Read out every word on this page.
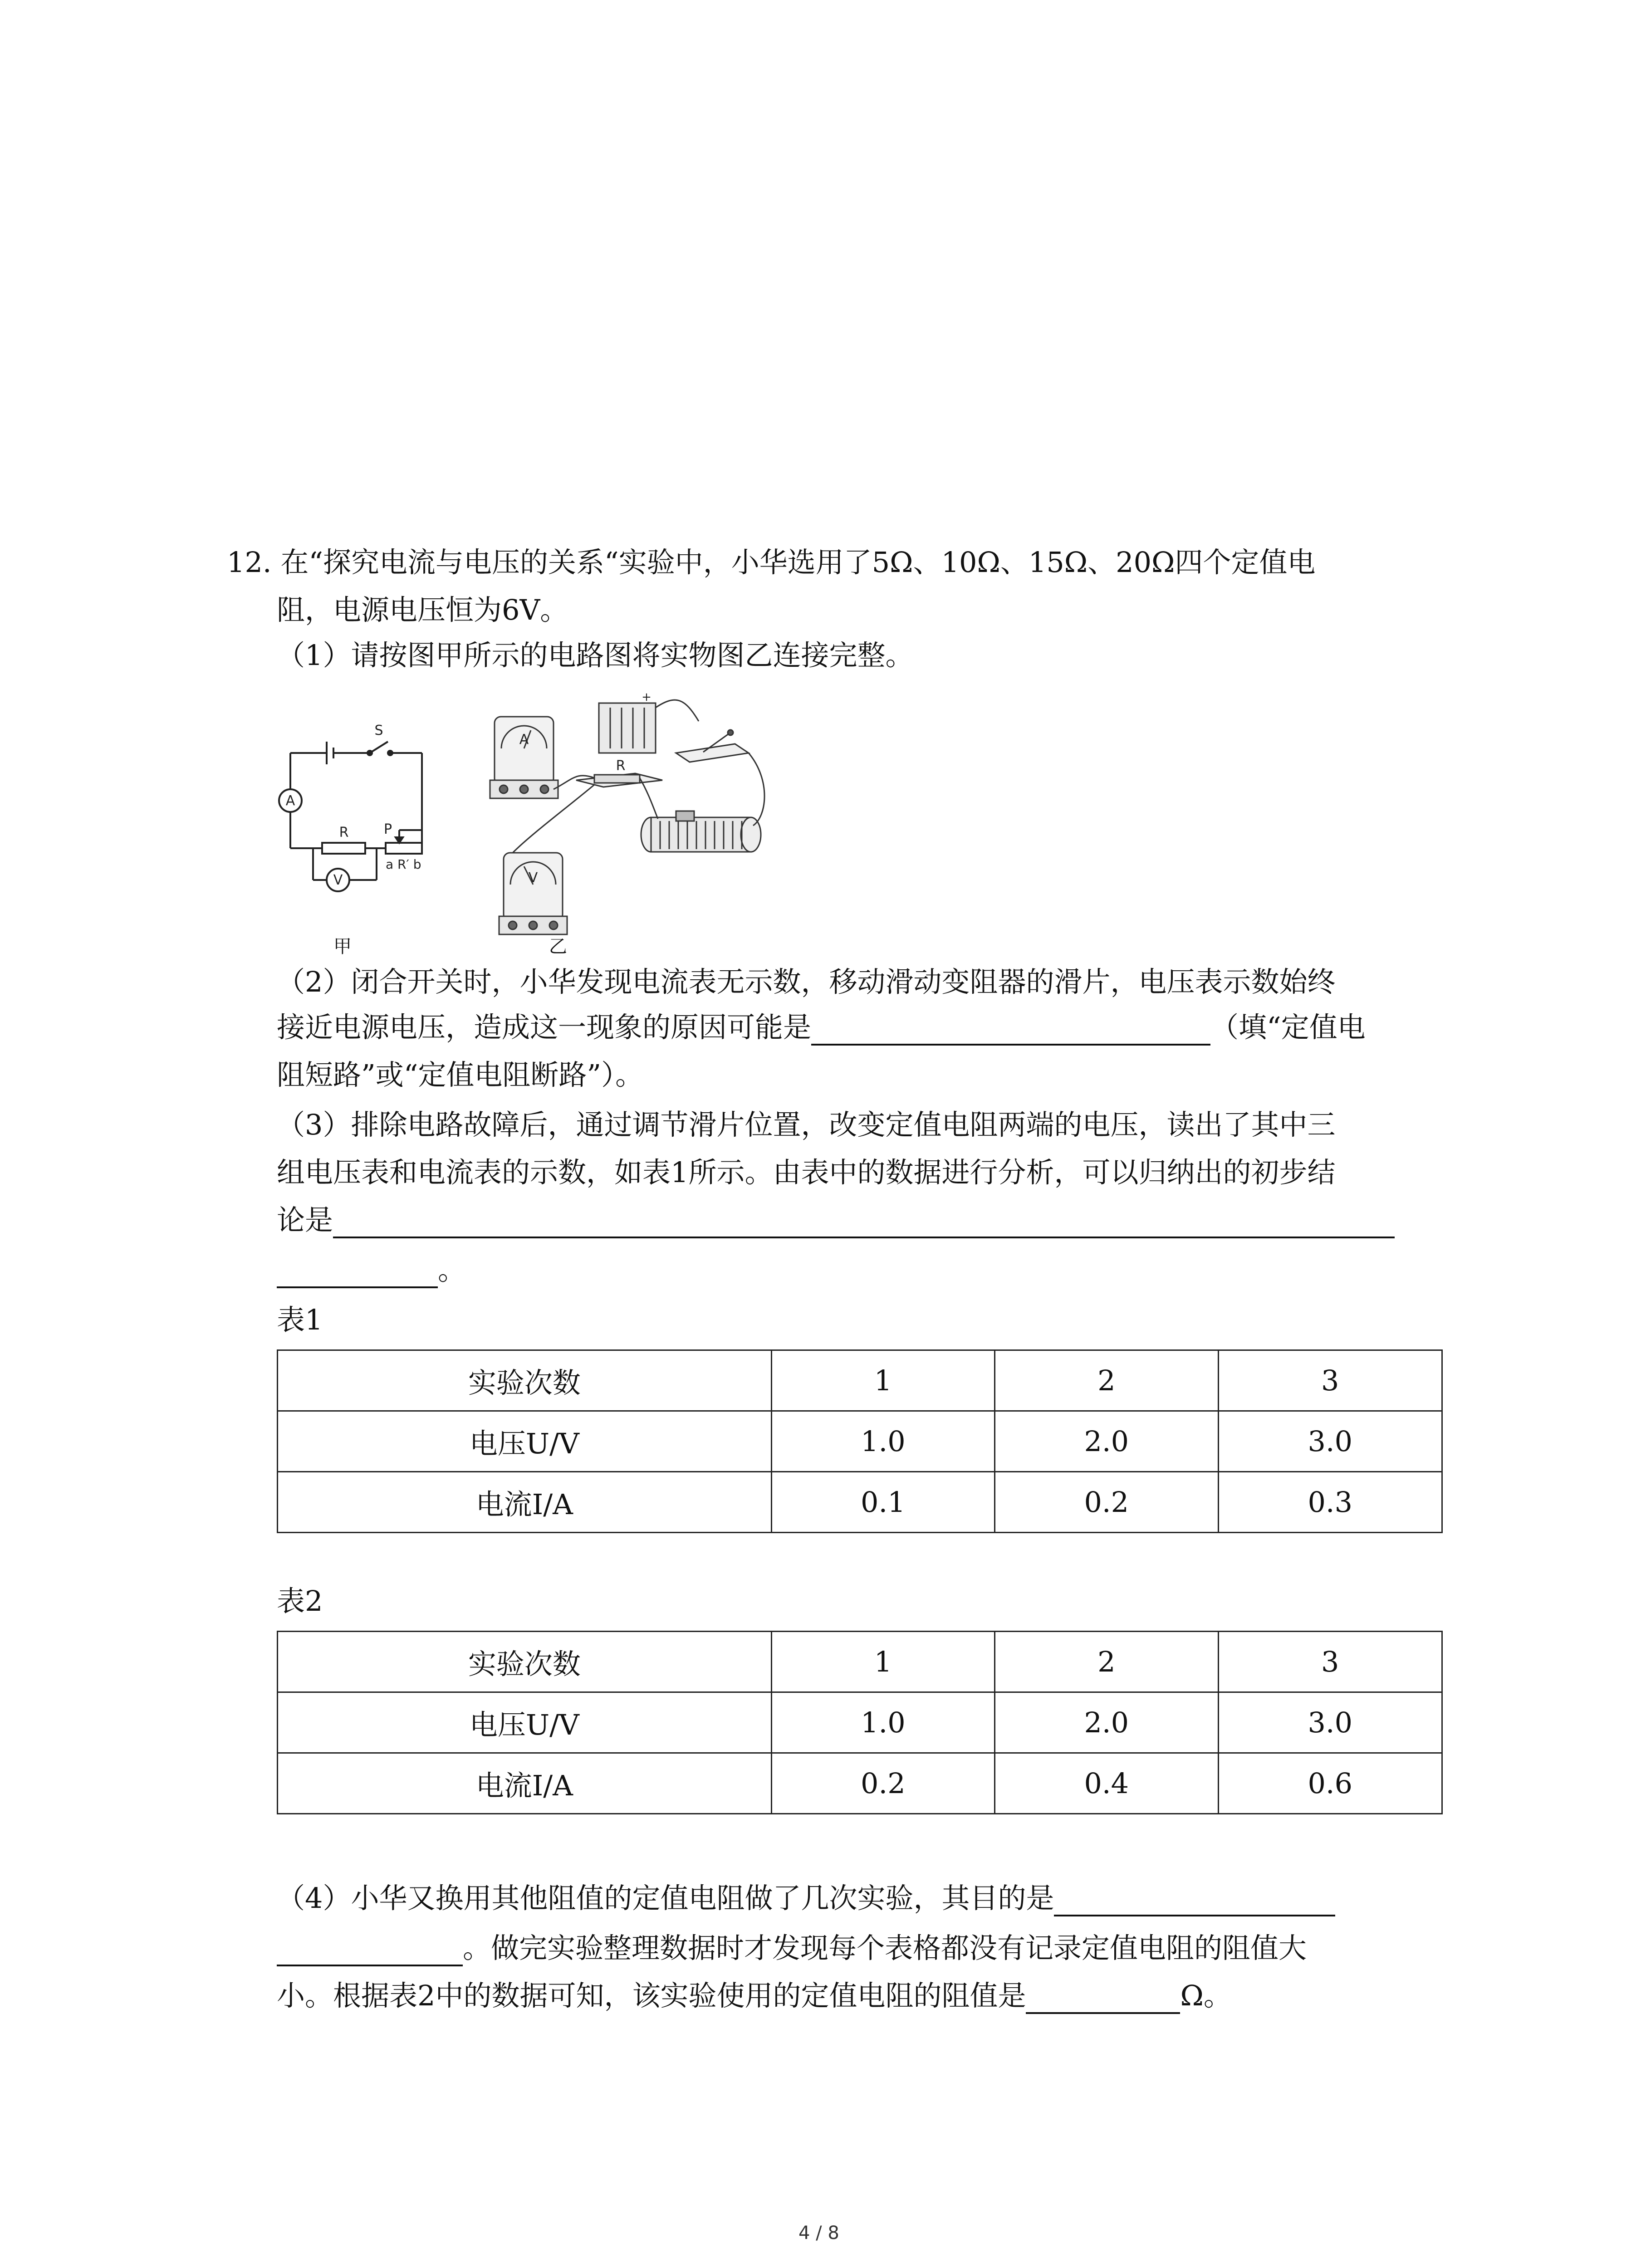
12. 在“探究电流与电压的关系“实验中，小华选用了5Ω、10Ω、15Ω、20Ω四个定值电
阻，电源电压恒为6V。
（1）请按图甲所示的电路图将实物图乙连接完整。
A
V
S
R	P
a R′ b
A
V
R
+
甲	乙
（2）闭合开关时，小华发现电流表无示数，移动滑动变阻器的滑片，电压表示数始终
接近电源电压，造成这一现象的原因可能是	（填“定值电
阻短路”或“定值电阻断路”）。
（3）排除电路故障后，通过调节滑片位置，改变定值电阻两端的电压，读出了其中三
组电压表和电流表的示数，如表1所示。由表中的数据进行分析，可以归纳出的初步结
论是
。
表1
实验次数	1	2	3
电压U/V	1.0	2.0	3.0
电流I/A	0.1	0.2	0.3
表2
实验次数	1	2	3
电压U/V	1.0	2.0	3.0
电流I/A	0.2	0.4	0.6
（4）小华又换用其他阻值的定值电阻做了几次实验，其目的是
。做完实验整理数据时才发现每个表格都没有记录定值电阻的阻值大
小。根据表2中的数据可知，该实验使用的定值电阻的阻值是	Ω。
4 / 8
